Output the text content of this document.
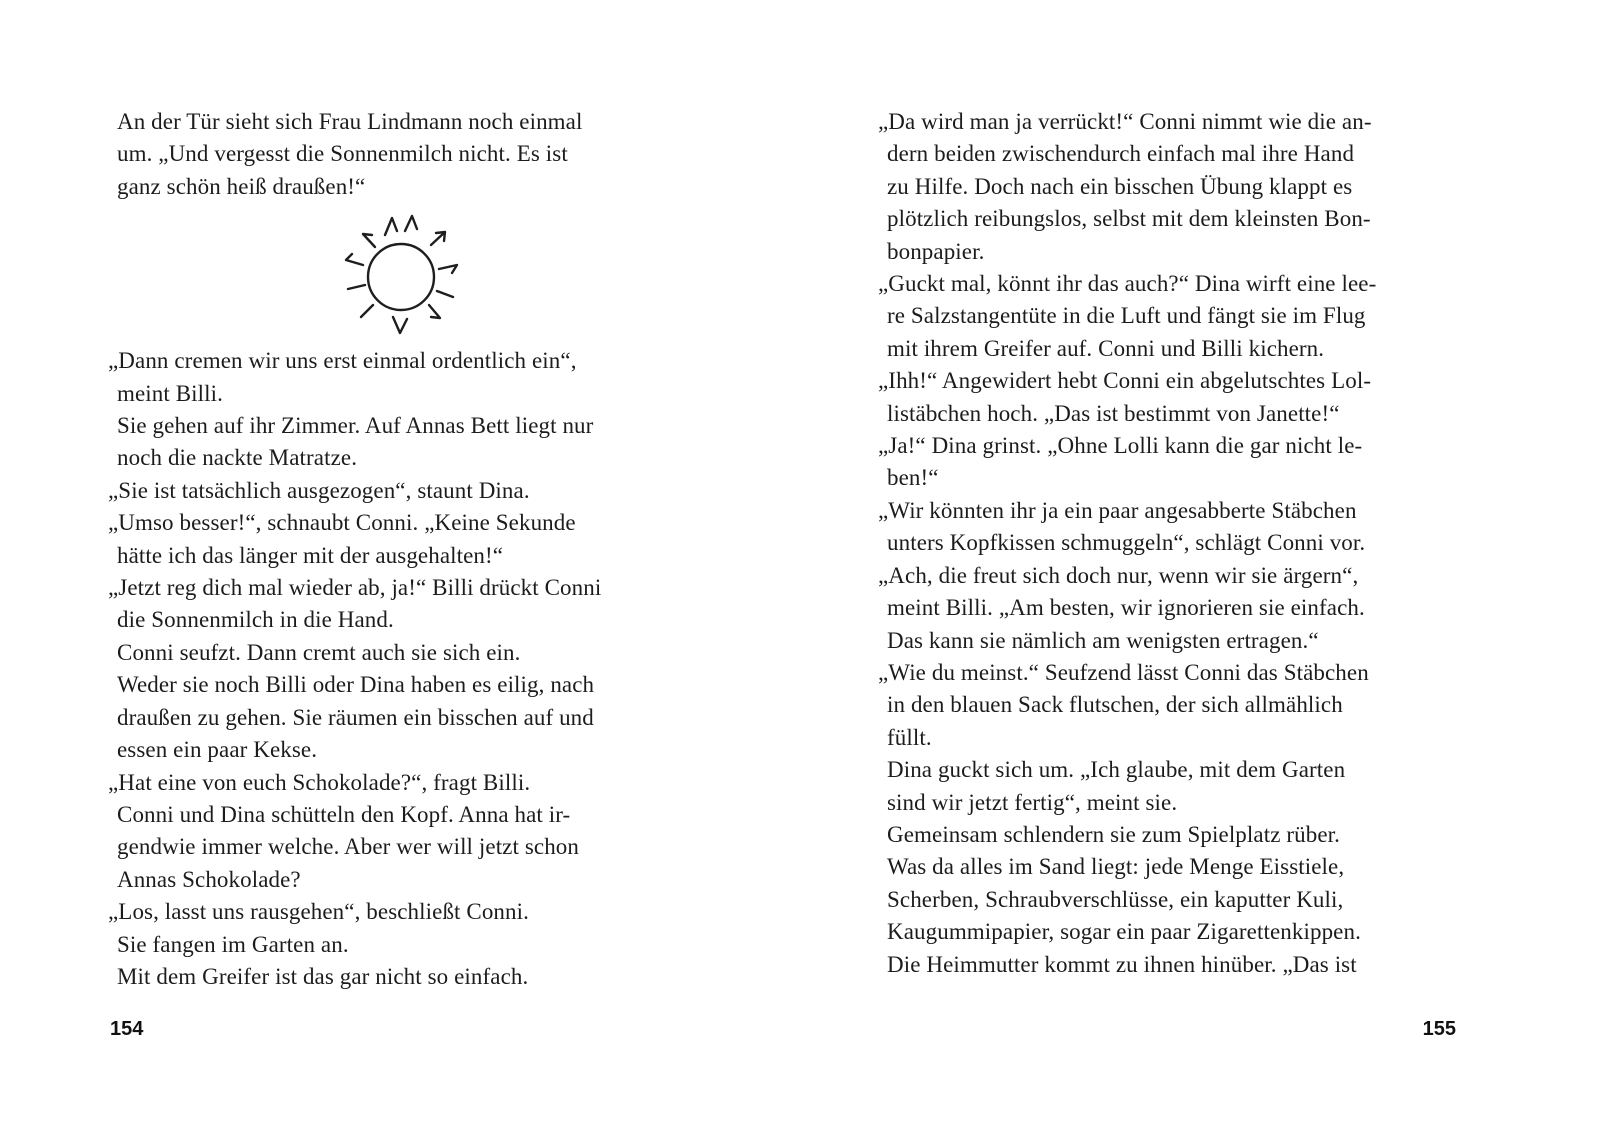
An der Tür sieht sich Frau Lindmann noch einmal
um. „Und vergesst die Sonnenmilch nicht. Es ist
ganz schön heiß draußen!“
„Dann cremen wir uns erst einmal ordentlich ein“,
meint Billi.
Sie gehen auf ihr Zimmer. Auf Annas Bett liegt nur
noch die nackte Matratze.
„Sie ist tatsächlich ausgezogen“, staunt Dina.
„Umso besser!“, schnaubt Conni. „Keine Sekunde
hätte ich das länger mit der ausgehalten!“
„Jetzt reg dich mal wieder ab, ja!“ Billi drückt Conni
die Sonnenmilch in die Hand.
Conni seufzt. Dann cremt auch sie sich ein.
Weder sie noch Billi oder Dina haben es eilig, nach
draußen zu gehen. Sie räumen ein bisschen auf und
essen ein paar Kekse.
„Hat eine von euch Schokolade?“, fragt Billi.
Conni und Dina schütteln den Kopf. Anna hat ir-
gendwie immer welche. Aber wer will jetzt schon
Annas Schokolade?
„Los, lasst uns rausgehen“, beschließt Conni.
Sie fangen im Garten an.
Mit dem Greifer ist das gar nicht so einfach.
154
„Da wird man ja verrückt!“ Conni nimmt wie die an-
dern beiden zwischendurch einfach mal ihre Hand
zu Hilfe. Doch nach ein bisschen Übung klappt es
plötzlich reibungslos, selbst mit dem kleinsten Bon-
bonpapier.
„Guckt mal, könnt ihr das auch?“ Dina wirft eine lee-
re Salzstangentüte in die Luft und fängt sie im Flug
mit ihrem Greifer auf. Conni und Billi kichern.
„Ihh!“ Angewidert hebt Conni ein abgelutschtes Lol-
listäbchen hoch. „Das ist bestimmt von Janette!“
„Ja!“ Dina grinst. „Ohne Lolli kann die gar nicht le-
ben!“
„Wir könnten ihr ja ein paar angesabberte Stäbchen
unters Kopfkissen schmuggeln“, schlägt Conni vor.
„Ach, die freut sich doch nur, wenn wir sie ärgern“,
meint Billi. „Am besten, wir ignorieren sie einfach.
Das kann sie nämlich am wenigsten ertragen.“
„Wie du meinst.“ Seufzend lässt Conni das Stäbchen
in den blauen Sack flutschen, der sich allmählich
füllt.
Dina guckt sich um. „Ich glaube, mit dem Garten
sind wir jetzt fertig“, meint sie.
Gemeinsam schlendern sie zum Spielplatz rüber.
Was da alles im Sand liegt: jede Menge Eisstiele,
Scherben, Schraubverschlüsse, ein kaputter Kuli,
Kaugummipapier, sogar ein paar Zigarettenkippen.
Die Heimmutter kommt zu ihnen hinüber. „Das ist
155
